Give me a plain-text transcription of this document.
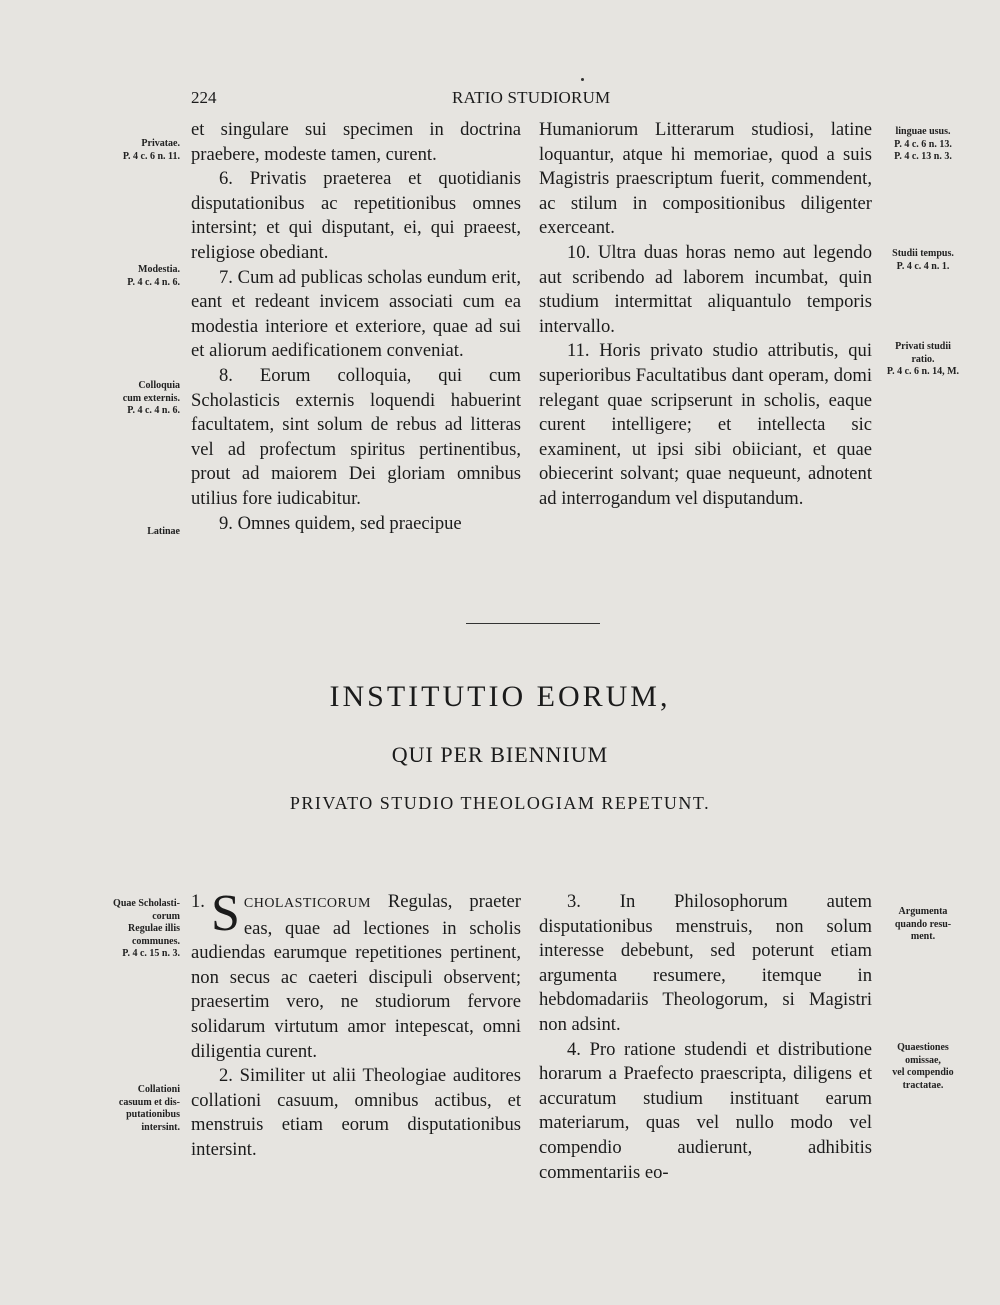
224	RATIO STUDIORUM

et singulare sui specimen in doctrina praebere, modeste tamen, curent.

6. Privatis praeterea et quotidianis disputationibus ac repetitionibus omnes intersint; et qui disputant, ei, qui praeest, religiose obediant.

7. Cum ad publicas scholas eundum erit, eant et redeant invicem associati cum ea modestia interiore et exteriore, quae ad sui et aliorum aedificationem conveniat.

8. Eorum colloquia, qui cum Scholasticis externis loquendi habuerint facultatem, sint solum de rebus ad litteras vel ad profectum spiritus pertinentibus, prout ad maiorem Dei gloriam omnibus utilius fore iudicabitur.

9. Omnes quidem, sed praecipue

Humaniorum Litterarum studiosi, latine loquantur, atque hi memoriae, quod a suis Magistris praescriptum fuerit, commendent, ac stilum in compositionibus diligenter exerceant.

10. Ultra duas horas nemo aut legendo aut scribendo ad laborem incumbat, quin studium intermittat aliquantulo temporis intervallo.

11. Horis privato studio attributis, qui superioribus Facultatibus dant operam, domi relegant quae scripserunt in scholis, eaque curent intelligere; et intellecta sic examinent, ut ipsi sibi obiiciant, et quae obiecerint solvant; quae nequeunt, adnotent ad interrogandum vel disputandum.

INSTITUTIO EORUM,
QUI PER BIENNIUM
PRIVATO STUDIO THEOLOGIAM REPETUNT.

1. S CHOLASTICORUM Regulas, praeter eas, quae ad lectiones in scholis audiendas earumque repetitiones pertinent, non secus ac caeteri discipuli observent; praesertim vero, ne studiorum fervore solidarum virtutum amor intepescat, omni diligentia curent.

2. Similiter ut alii Theologiae auditores collationi casuum, omnibus actibus, et menstruis etiam eorum disputationibus intersint.

3. In Philosophorum autem disputationibus menstruis, non solum interesse debebunt, sed poterunt etiam argumenta resumere, itemque in hebdomadariis Theologorum, si Magistri non adsint.

4. Pro ratione studendi et distributione horarum a Praefecto praescripta, diligens et accuratum studium instituant earum materiarum, quas vel nullo modo vel compendio audierunt, adhibitis commentariis eo-

Privatae.
P. 4 c. 6 n. 11.
Modestia.
P. 4 c. 4 n. 6.
Colloquia
cum externis.
P. 4 c. 4 n. 6.
Latinae
Quae Scholasti-
corum
Regulae illis
communes.
P. 4 c. 15 n. 3.
Collationi
casuum et dis-
putationibus
intersint.
linguae usus.
P. 4 c. 6 n. 13.
P. 4 c. 13 n. 3.
Studii tempus.
P. 4 c. 4 n. 1.
Privati studii
ratio.
P. 4 c. 6 n. 14, M.
Argumenta
quando resu-
ment.
Quaestiones
omissae,
vel compendio
tractatae.
